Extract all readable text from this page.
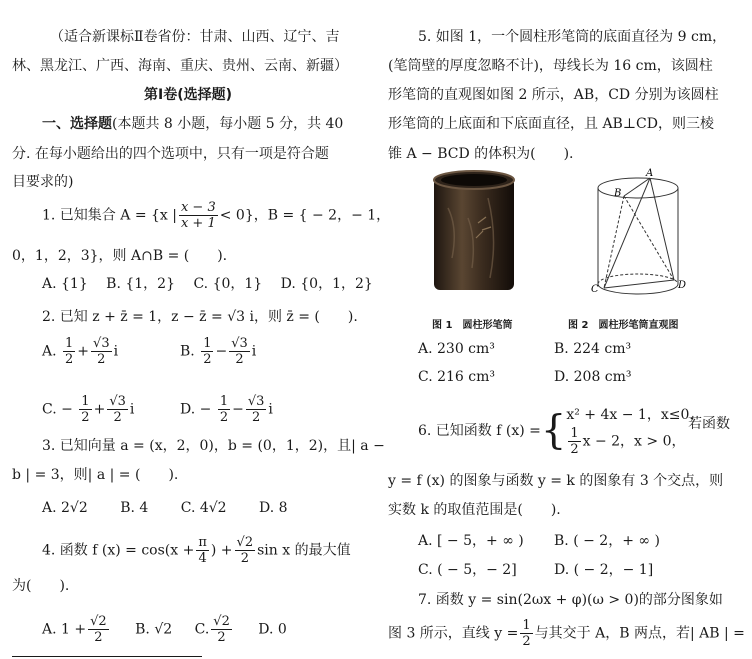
（适合新课标Ⅱ卷省份：甘肃、山西、辽宁、吉
林、黑龙江、广西、海南、重庆、贵州、云南、新疆）
第Ⅰ卷(选择题)
一、选择题(本题共 8 小题，每小题 5 分，共 40
分. 在每小题给出的四个选项中，只有一项是符合题
目要求的)
1. 已知集合 A = {x | $\frac{x - 3}{x + 1} < 0$}，B = { − 2，− 1，
0，1，2，3}，则 A∩B = (　　).
A. {1}　 B. {1，2}　 C. {0，1}　 D. {0，1，2}
2. 已知 z + z̄ = 1，z − z̄ = √3 i，则 z̄ = (　　).
A. $\frac{1}{2} + \frac{√3}{2}$ i	B. $\frac{1}{2} - \frac{√3}{2}$ i
C. − $\frac{1}{2} + \frac{√3}{2}$ i	D. − $\frac{1}{2} - \frac{√3}{2}$ i
3. 已知向量 a = (x，2，0)，b = (0，1，2)，且| a −
b | = 3，则| a | = (　　).
A. 2√2　　 B. 4　　 C. 4√2　　 D. 8
4. 函数 f $(x) = \cos(x + \frac{\pi}{4}$ ) + $\frac{√2}{2}$ sin x 的最大值
为(　　).
A. $1 + \frac{√2}{2} B$. √2 C. $\frac{√2}{2} D$. 0
5. 如图 1，一个圆柱形笔筒的底面直径为 9 cm，
(笔筒壁的厚度忽略不计)，母线长为 16 cm，该圆柱
形笔筒的直观图如图 2 所示，AB，CD 分别为该圆柱
形笔筒的上底面和下底面直径，且 AB⊥CD，则三棱
锥 A − BCD 的体积为(　　).
A
B
C	D
图 1　圆柱形笔筒	图 2　圆柱形笔筒直观图
A. 230 cm³	B. 224 cm³
C. 216 cm³	D. 208 cm³
6. 已知函数 f (x) ={ x² + 4x − 1，x≤0，
$\frac{1}{2}$ x − 2，x > 0，
若函数
y = f (x) 的图象与函数 y = k 的图象有 3 个交点，则
实数 k 的取值范围是(　　).
A. [ − 5，+ ∞ ) B. ( − 2，+ ∞ )
C. ( − 5，− 2]	D. ( − 2，− 1]
7. 函数 y = sin(2ωx + φ)(ω > 0)的部分图象如
图 3 所示，直线 $y = \frac{1}{2}$ 与其交于 A，B 两点，若| AB | =
